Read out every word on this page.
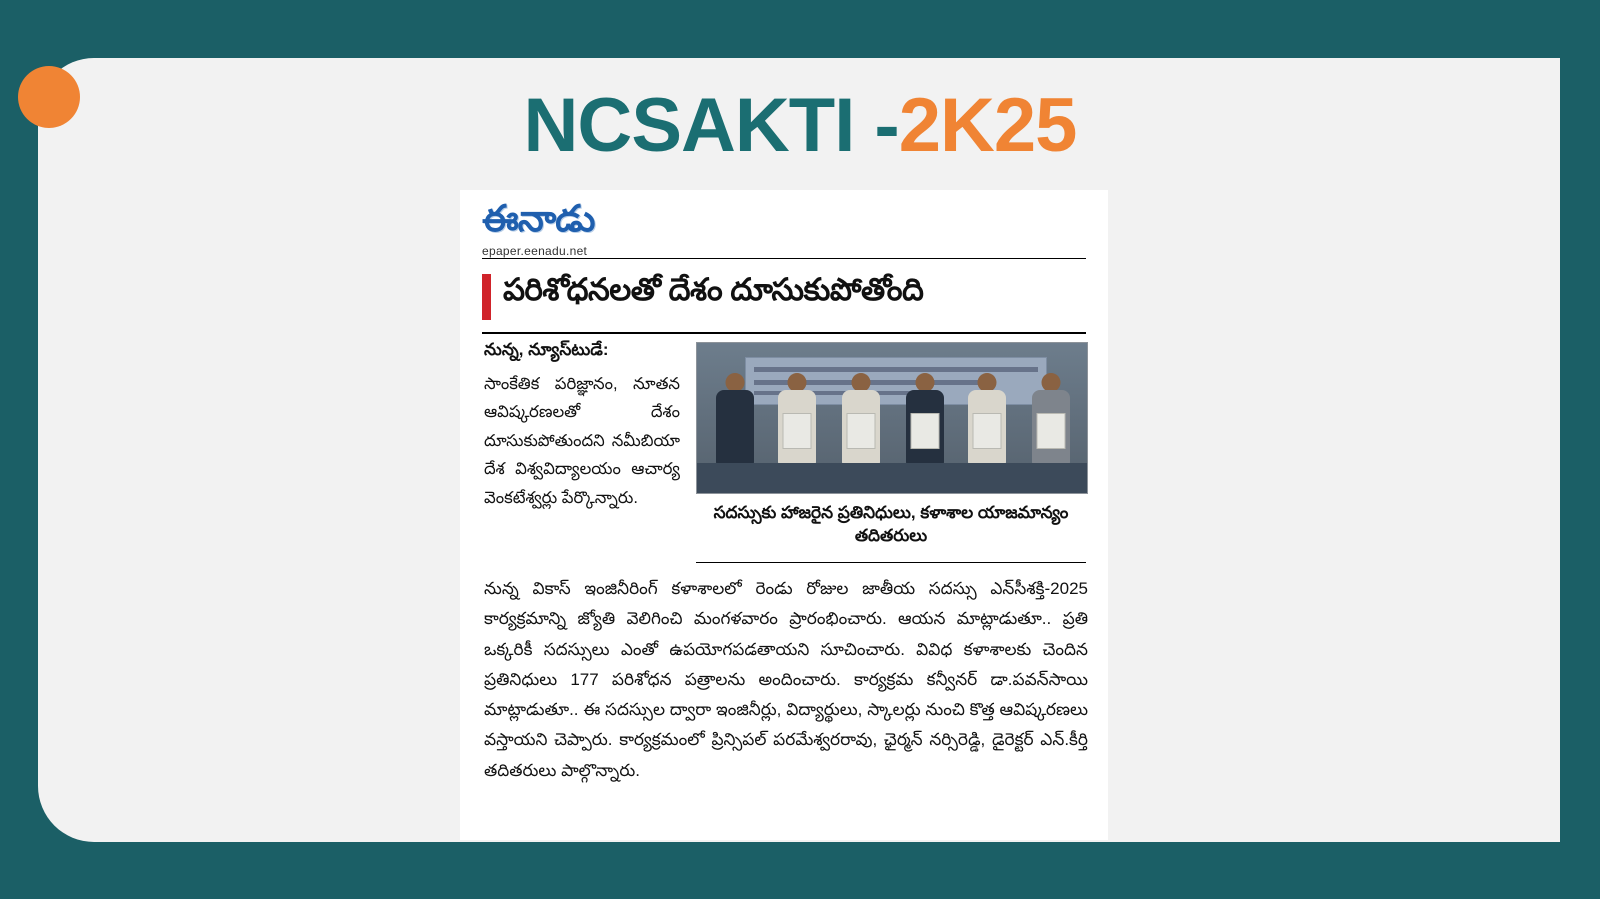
NCSAKTI -2K25
ఈనాడు
epaper.eenadu.net
పరిశోధనలతో దేశం దూసుకుపోతోంది
నున్న, న్యూస్‌టుడే:
సాంకేతిక పరిజ్ఞానం, నూతన ఆవిష్కరణలతో దేశం దూసుకుపోతుందని నమీబియా దేశ విశ్వవిద్యాలయం ఆచార్య వెంకటేశ్వర్లు పేర్కొన్నారు.
సదస్సుకు హాజరైన ప్రతినిధులు, కళాశాల యాజమాన్యం తదితరులు
నున్న వికాస్ ఇంజినీరింగ్ కళాశాలలో రెండు రోజుల జాతీయ సదస్సు ఎన్‌సీశక్తి-2025 కార్యక్రమాన్ని జ్యోతి వెలిగించి మంగళవారం ప్రారంభించారు. ఆయన మాట్లాడుతూ.. ప్రతి ఒక్కరికీ సదస్సులు ఎంతో ఉపయోగపడతాయని సూచించారు. వివిధ కళాశాలకు చెందిన ప్రతినిధులు 177 పరిశోధన పత్రాలను అందించారు. కార్యక్రమ కన్వీనర్ డా.పవన్‌సాయి మాట్లాడుతూ.. ఈ సదస్సుల ద్వారా ఇంజినీర్లు, విద్యార్థులు, స్కాలర్లు నుంచి కొత్త ఆవిష్కరణలు వస్తాయని చెప్పారు. కార్యక్రమంలో ప్రిన్సిపల్ పరమేశ్వరరావు, ఛైర్మన్ నర్సిరెడ్డి, డైరెక్టర్ ఎన్.కీర్తి తదితరులు పాల్గొన్నారు.
